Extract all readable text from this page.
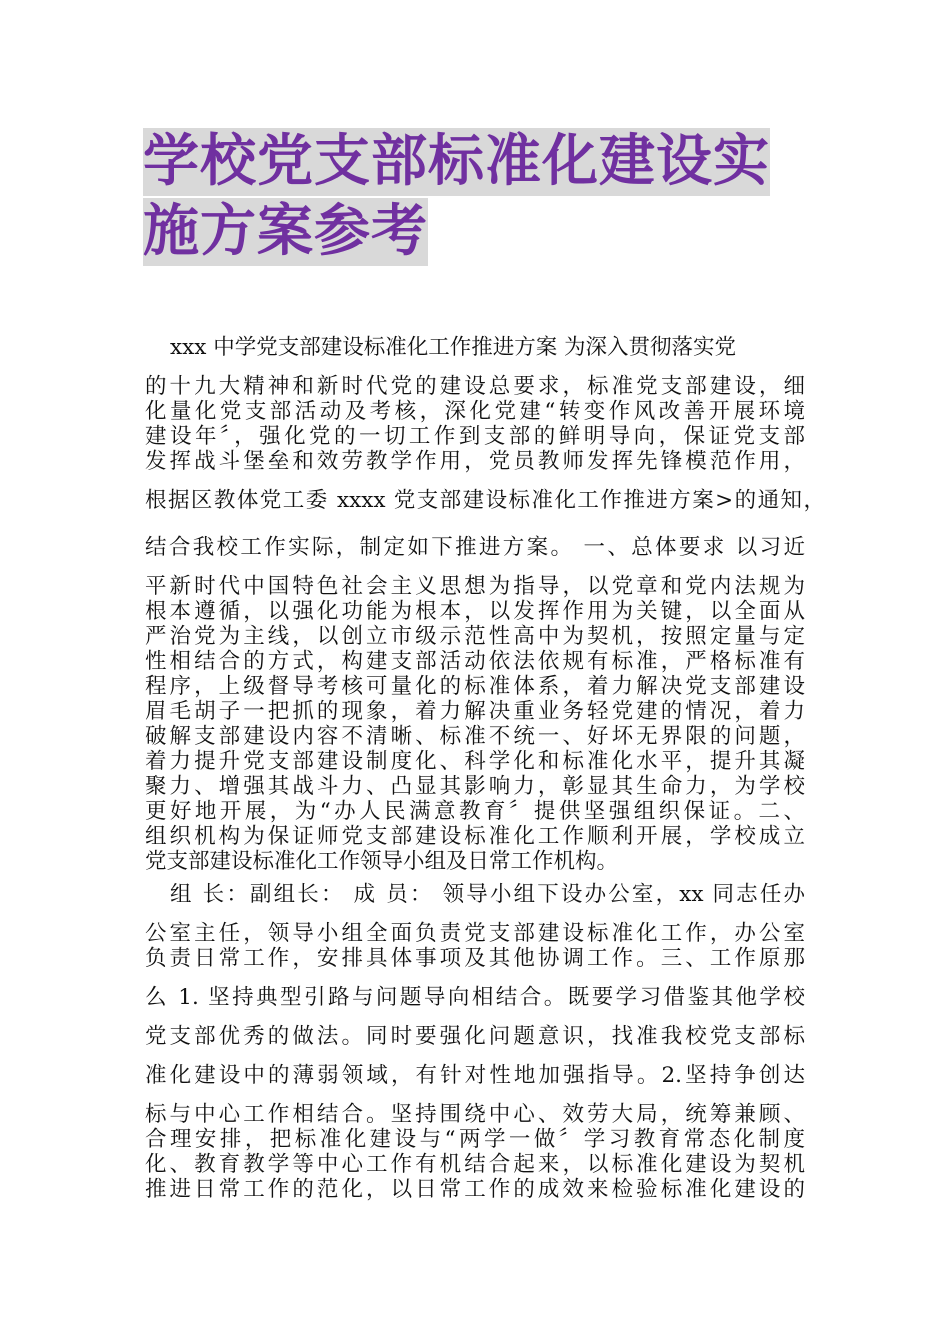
学校党支部标准化建设实
施方案参考
xxx 中学党支部建设标准化工作推进方案 为深入贯彻落实党
的十九大精神和新时代党的建设总要求，标准党支部建设，细
化量化党支部活动及考核，深化党建“转变作风改善开展环境
建设年〞，强化党的一切工作到支部的鲜明导向，保证党支部
发挥战斗堡垒和效劳教学作用，党员教师发挥先锋模范作用，
根据区教体党工委 xxxx 党支部建设标准化工作推进方案>的通知，
结合我校工作实际，制定如下推进方案。 一、总体要求 以习近
平新时代中国特色社会主义思想为指导，以党章和党内法规为
根本遵循，以强化功能为根本，以发挥作用为关键，以全面从
严治党为主线，以创立市级示范性高中为契机，按照定量与定
性相结合的方式，构建支部活动依法依规有标准，严格标准有
程序，上级督导考核可量化的标准体系，着力解决党支部建设
眉毛胡子一把抓的现象，着力解决重业务轻党建的情况，着力
破解支部建设内容不清晰、标准不统一、好坏无界限的问题，
着力提升党支部建设制度化、科学化和标准化水平，提升其凝
聚力、增强其战斗力、凸显其影响力，彰显其生命力，为学校
更好地开展，为“办人民满意教育〞提供坚强组织保证。二、
组织机构为保证师党支部建设标准化工作顺利开展，学校成立
党支部建设标准化工作领导小组及日常工作机构。
组 长：副组长： 成 员： 领导小组下设办公室，xx 同志任办
公室主任，领导小组全面负责党支部建设标准化工作，办公室
负责日常工作，安排具体事项及其他协调工作。三、工作原那
么 1. 坚持典型引路与问题导向相结合。既要学习借鉴其他学校
党支部优秀的做法。同时要强化问题意识，找准我校党支部标
准化建设中的薄弱领域，有针对性地加强指导。2.坚持争创达
标与中心工作相结合。坚持围绕中心、效劳大局，统筹兼顾、
合理安排，把标准化建设与“两学一做〞学习教育常态化制度
化、教育教学等中心工作有机结合起来，以标准化建设为契机
推进日常工作的范化，以日常工作的成效来检验标准化建设的
